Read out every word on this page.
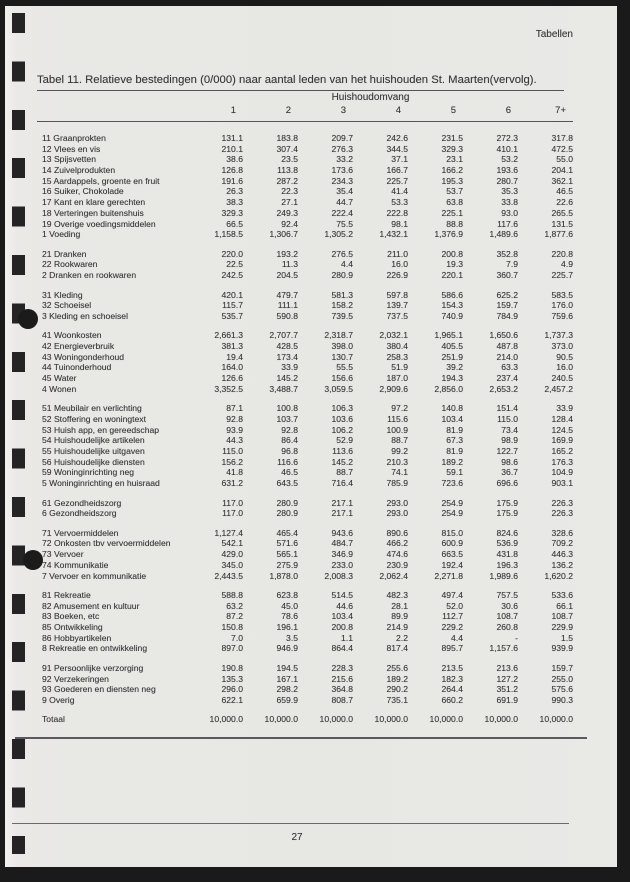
Tabellen
Tabel 11. Relatieve bestedingen (0/000) naar aantal leden van het huishouden St. Maarten(vervolg).
Huishoudomvang
1	2	3	4	5	6	7+
11 Graanprokten	131.1	183.8	209.7	242.6	231.5	272.3	317.8
12 Vlees en vis	210.1	307.4	276.3	344.5	329.3	410.1	472.5
13 Spijsvetten	38.6	23.5	33.2	37.1	23.1	53.2	55.0
14 Zuivelprodukten	126.8	113.8	173.6	166.7	166.2	193.6	204.1
15 Aardappels, groente en fruit	191.6	287.2	234.3	225.7	195.3	280.7	362.1
16 Suiker, Chokolade	26.3	22.3	35.4	41.4	53.7	35.3	46.5
17 Kant en klare gerechten	38.3	27.1	44.7	53.3	63.8	33.8	22.6
18 Verteringen buitenshuis	329.3	249.3	222.4	222.8	225.1	93.0	265.5
19 Overige voedingsmiddelen	66.5	92.4	75.5	98.1	88.8	117.6	131.5
1 Voeding	1,158.5	1,306.7	1,305.2	1,432.1	1,376.9	1,489.6	1,877.6
21 Dranken	220.0	193.2	276.5	211.0	200.8	352.8	220.8
22 Rookwaren	22.5	11.3	4.4	16.0	19.3	7.9	4.9
2 Dranken en rookwaren	242.5	204.5	280.9	226.9	220.1	360.7	225.7
31 Kleding	420.1	479.7	581.3	597.8	586.6	625.2	583.5
32 Schoeisel	115.7	111.1	158.2	139.7	154.3	159.7	176.0
3 Kleding en schoeisel	535.7	590.8	739.5	737.5	740.9	784.9	759.6
41 Woonkosten	2,661.3	2,707.7	2,318.7	2,032.1	1,965.1	1,650.6	1,737.3
42 Energieverbruik	381.3	428.5	398.0	380.4	405.5	487.8	373.0
43 Woningonderhoud	19.4	173.4	130.7	258.3	251.9	214.0	90.5
44 Tuinonderhoud	164.0	33.9	55.5	51.9	39.2	63.3	16.0
45 Water	126.6	145.2	156.6	187.0	194.3	237.4	240.5
4 Wonen	3,352.5	3,488.7	3,059.5	2,909.6	2,856.0	2,653.2	2,457.2
51 Meubilair en verlichting	87.1	100.8	106.3	97.2	140.8	151.4	33.9
52 Stoffering en woningtext	92.8	103.7	103.6	115.6	103.4	115.0	128.4
53 Huish app, en gereedschap	93.9	92.8	106.2	100.9	81.9	73.4	124.5
54 Huishoudelijke artikelen	44.3	86.4	52.9	88.7	67.3	98.9	169.9
55 Huishoudelijke uitgaven	115.0	96.8	113.6	99.2	81.9	122.7	165.2
56 Huishoudelijke diensten	156.2	116.6	145.2	210.3	189.2	98.6	176.3
59 Woninginrichting neg	41.8	46.5	88.7	74.1	59.1	36.7	104.9
5 Woninginrichting en huisraad	631.2	643.5	716.4	785.9	723.6	696.6	903.1
61 Gezondheidszorg	117.0	280.9	217.1	293.0	254.9	175.9	226.3
6 Gezondheidszorg	117.0	280.9	217.1	293.0	254.9	175.9	226.3
71 Vervoermiddelen	1,127.4	465.4	943.6	890.6	815.0	824.6	328.6
72 Onkosten tbv vervoermiddelen	542.1	571.6	484.7	466.2	600.9	536.9	709.2
73 Vervoer	429.0	565.1	346.9	474.6	663.5	431.8	446.3
74 Kommunikatie	345.0	275.9	233.0	230.9	192.4	196.3	136.2
7 Vervoer en kommunikatie	2,443.5	1,878.0	2,008.3	2,062.4	2,271.8	1,989.6	1,620.2
81 Rekreatie	588.8	623.8	514.5	482.3	497.4	757.5	533.6
82 Amusement en kultuur	63.2	45.0	44.6	28.1	52.0	30.6	66.1
83 Boeken, etc	87.2	78.6	103.4	89.9	112.7	108.7	108.7
85 Ontwikkeling	150.8	196.1	200.8	214.9	229.2	260.8	229.9
86 Hobbyartikelen	7.0	3.5	1.1	2.2	4.4	-	1.5
8 Rekreatie en ontwikkeling	897.0	946.9	864.4	817.4	895.7	1,157.6	939.9
91 Persoonlijke verzorging	190.8	194.5	228.3	255.6	213.5	213.6	159.7
92 Verzekeringen	135.3	167.1	215.6	189.2	182.3	127.2	255.0
93 Goederen en diensten neg	296.0	298.2	364.8	290.2	264.4	351.2	575.6
9 Overig	622.1	659.9	808.7	735.1	660.2	691.9	990.3
Totaal	10,000.0	10,000.0	10,000.0	10,000.0	10,000.0	10,000.0	10,000.0
27
